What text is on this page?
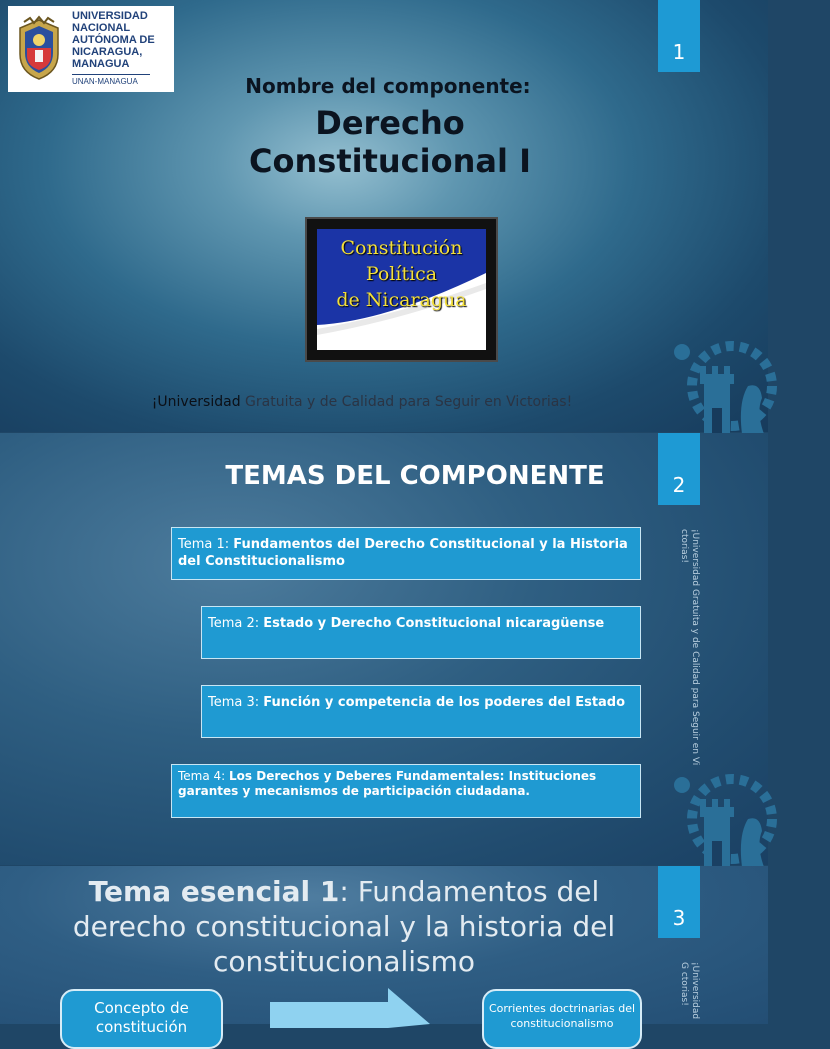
UNIVERSIDAD
NACIONAL
AUTÓNOMA DE
NICARAGUA,
MANAGUA
UNAN-MANAGUA
1
Nombre del componente:
Derecho
Constitucional I
Constitución
Política
de Nicaragua
¡Universidad Gratuita y de Calidad para Seguir en Victorias!
2
¡Universidad Gratuita y de Calidad para Seguir en Vi ctorias!
TEMAS DEL COMPONENTE
Tema 1: Fundamentos del Derecho Constitucional y la Historia del Constitucionalismo
Tema 2: Estado y Derecho Constitucional nicaragüense
Tema 3: Función y competencia de los poderes del Estado
Tema 4: Los Derechos y Deberes Fundamentales: Instituciones garantes y mecanismos de participación ciudadana.
3
¡Universidad G ctorias!
Tema esencial 1: Fundamentos del derecho constitucional y la historia del constitucionalismo
Concepto de constitución
Corrientes doctrinarias del constitucionalismo
